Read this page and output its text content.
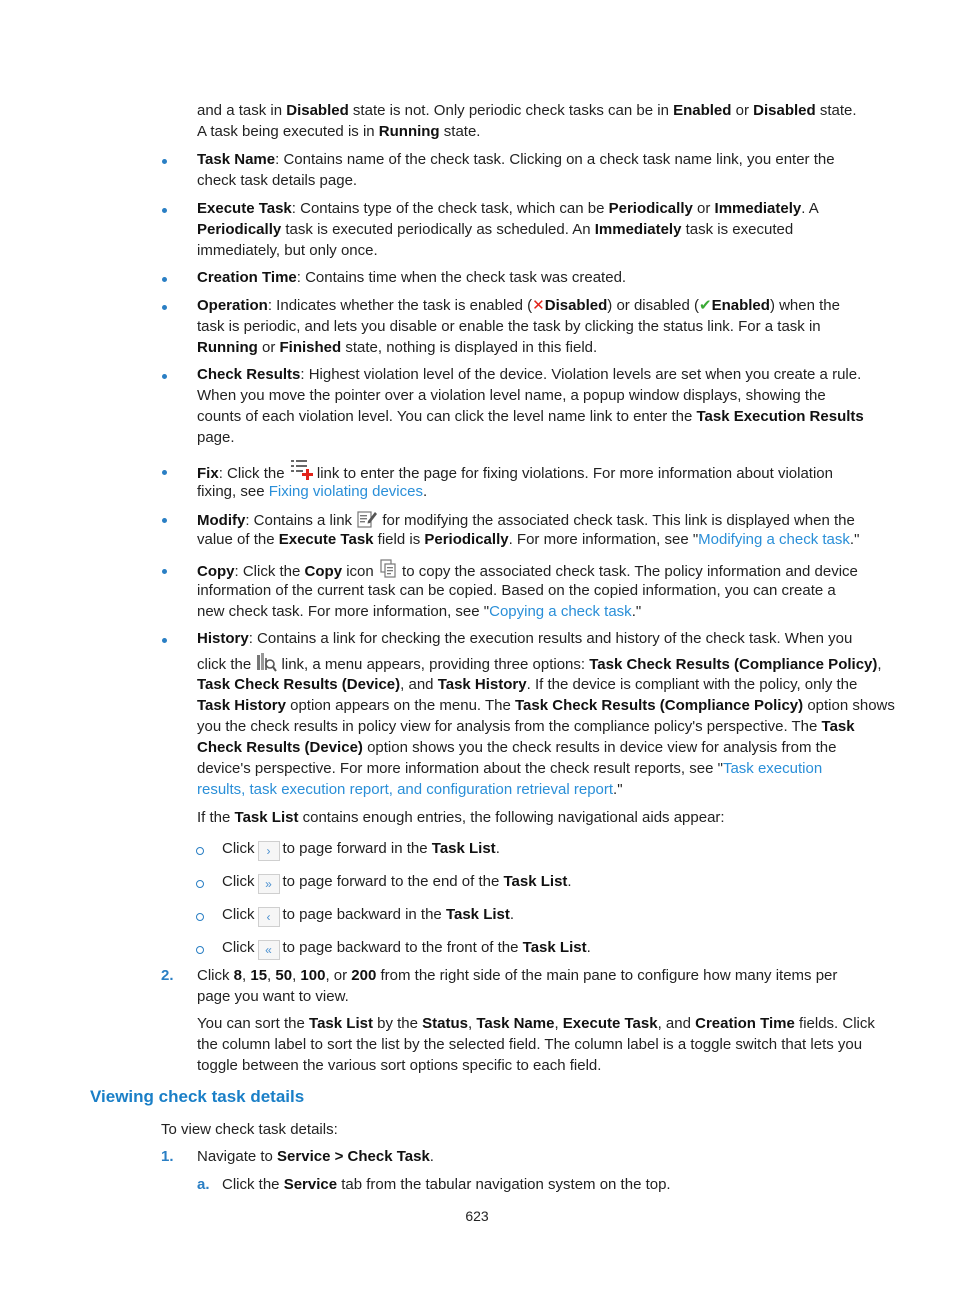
and a task in Disabled state is not. Only periodic check tasks can be in Enabled or Disabled state.
A task being executed is in Running state.
Task Name: Contains name of the check task. Clicking on a check task name link, you enter the
check task details page.
Execute Task: Contains type of the check task, which can be Periodically or Immediately. A
Periodically task is executed periodically as scheduled. An Immediately task is executed
immediately, but only once.
Creation Time: Contains time when the check task was created.
Operation: Indicates whether the task is enabled (✕Disabled) or disabled (✔Enabled) when the
task is periodic, and lets you disable or enable the task by clicking the status link. For a task in
Running or Finished state, nothing is displayed in this field.
Check Results: Highest violation level of the device. Violation levels are set when you create a rule.
When you move the pointer over a violation level name, a popup window displays, showing the
counts of each violation level. You can click the level name link to enter the Task Execution Results
page.
Fix: Click the  link to enter the page for fixing violations. For more information about violation
fixing, see Fixing violating devices.
Modify: Contains a link  for modifying the associated check task. This link is displayed when the
value of the Execute Task field is Periodically. For more information, see "Modifying a check task."
Copy: Click the Copy icon  to copy the associated check task. The policy information and device
information of the current task can be copied. Based on the copied information, you can create a
new check task. For more information, see "Copying a check task."
History: Contains a link for checking the execution results and history of the check task. When you
click the  link, a menu appears, providing three options: Task Check Results (Compliance Policy),
Task Check Results (Device), and Task History. If the device is compliant with the policy, only the
Task History option appears on the menu. The Task Check Results (Compliance Policy) option shows
you the check results in policy view for analysis from the compliance policy's perspective. The Task
Check Results (Device) option shows you the check results in device view for analysis from the
device's perspective. For more information about the check result reports, see "Task execution
results, task execution report, and configuration retrieval report."
If the Task List contains enough entries, the following navigational aids appear:
Click › to page forward in the Task List.
Click » to page forward to the end of the Task List.
Click ‹ to page backward in the Task List.
Click « to page backward to the front of the Task List.
2. Click 8, 15, 50, 100, or 200 from the right side of the main pane to configure how many items per
page you want to view.
You can sort the Task List by the Status, Task Name, Execute Task, and Creation Time fields. Click
the column label to sort the list by the selected field. The column label is a toggle switch that lets you
toggle between the various sort options specific to each field.
Viewing check task details
To view check task details:
1. Navigate to Service > Check Task.
a. Click the Service tab from the tabular navigation system on the top.
623
